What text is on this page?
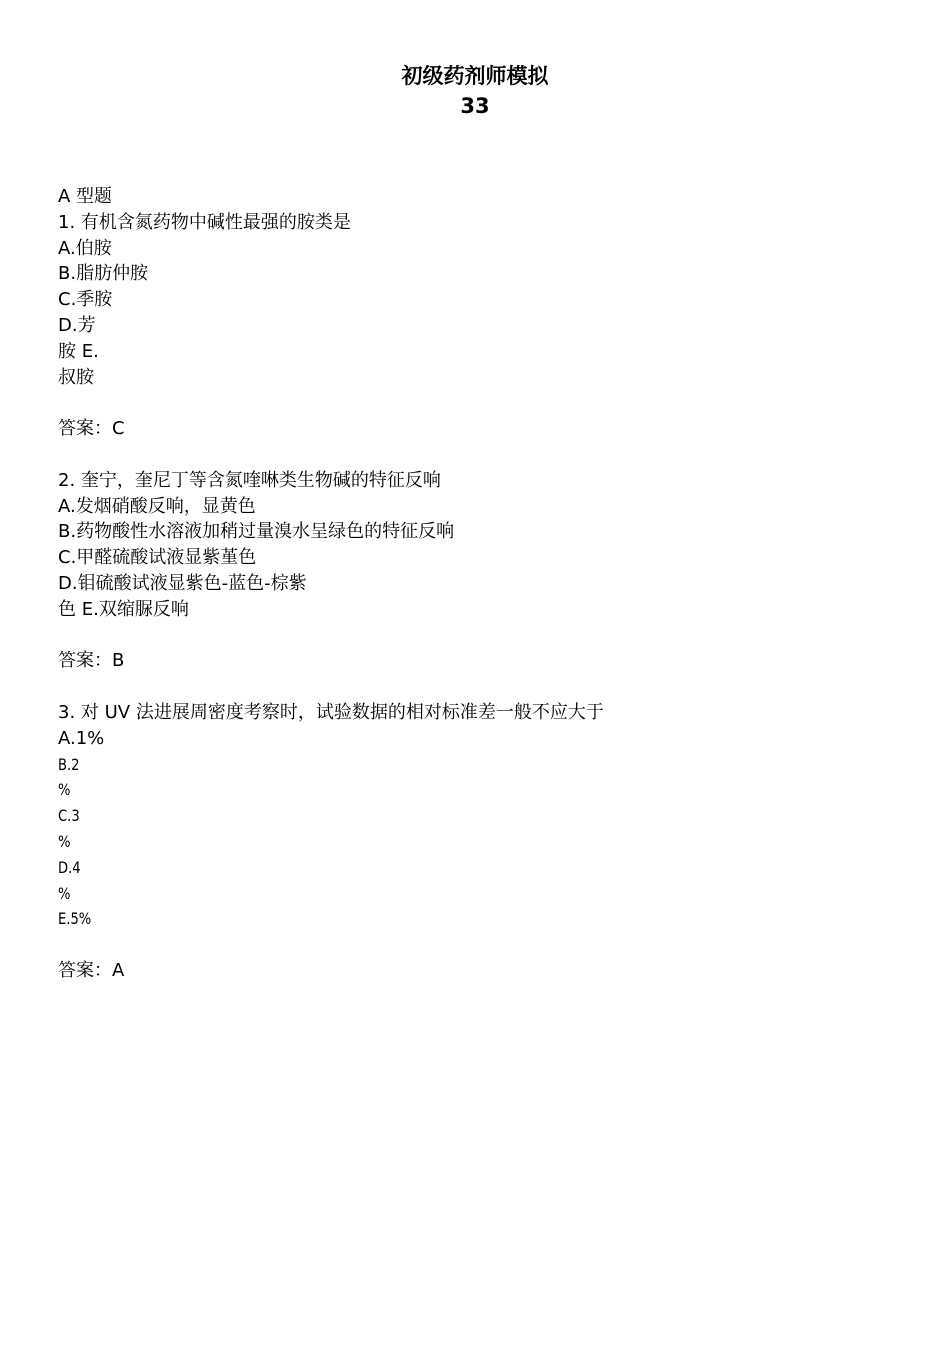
初级药剂师模拟
33
A 型题
1. 有机含氮药物中碱性最强的胺类是
A.伯胺
B.脂肪仲胺
C.季胺
D.芳
胺 E.
叔胺
答案：C
2. 奎宁，奎尼丁等含氮喹啉类生物碱的特征反响
A.发烟硝酸反响，显黄色
B.药物酸性水溶液加稍过量溴水呈绿色的特征反响
C.甲醛硫酸试液显紫堇色
D.钼硫酸试液显紫色-蓝色-棕紫
色 E.双缩脲反响
答案：B
3. 对 UV 法进展周密度考察时，试验数据的相对标准差一般不应大于
A.1%
B.2
%
C.3
%
D.4
%
E.5%
答案：A
